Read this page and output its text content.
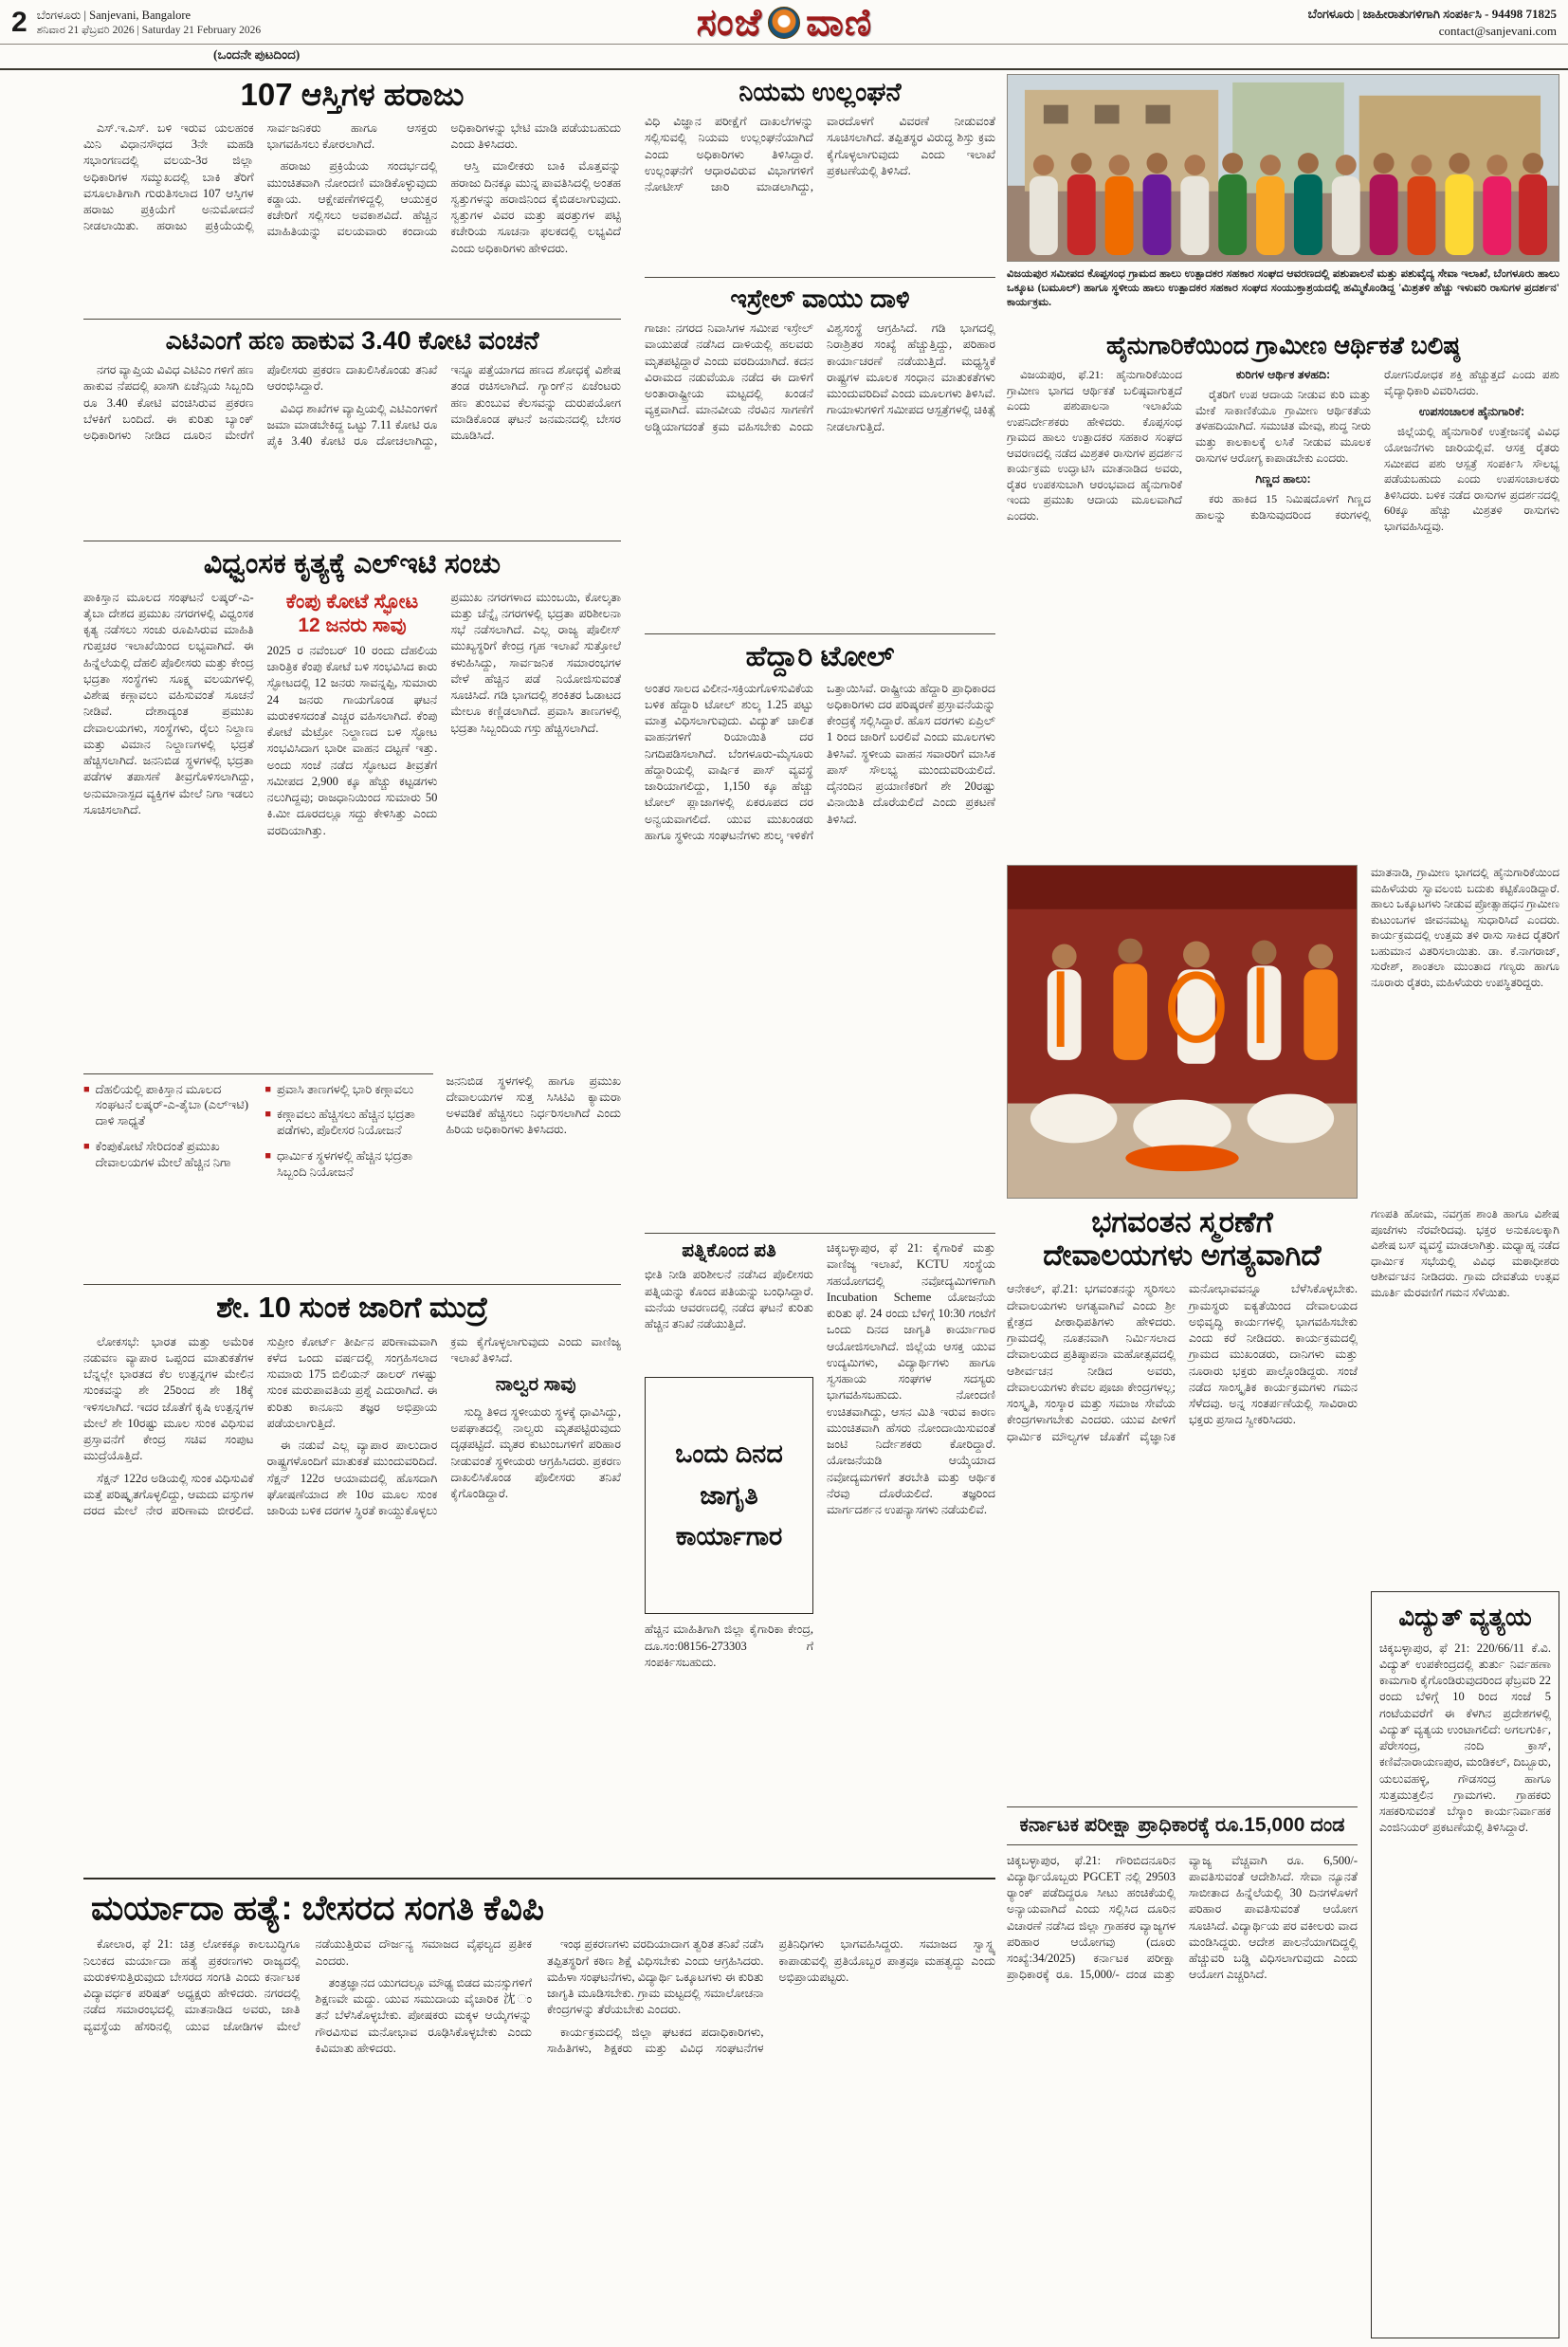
2 ಬೆಂಗಳೂರು | Sanjevani, Bangalore
ಶನಿವಾರ 21 ಫೆಬ್ರವರಿ 2026 | Saturday 21 February 2026	ಸಂಜೆ ವಾಣಿ	ಬೆಂಗಳೂರು | ಜಾಹೀರಾತುಗಳಿಗಾಗಿ ಸಂಪರ್ಕಿಸಿ - 94498 71825
contact@sanjevani.com
(ಒಂದನೇ ಪುಟದಿಂದ)
107 ಆಸ್ತಿಗಳ ಹರಾಜು

ಎಸ್.ಇ.ಎಸ್. ಬಳಿ ಇರುವ ಯಲಹಂಕ ಮಿನಿ ವಿಧಾನಸೌಧದ 3ನೇ ಮಹಡಿ ಸಭಾಂಗಣದಲ್ಲಿ ವಲಯ-3ರ ಜಿಲ್ಲಾ ಅಧಿಕಾರಿಗಳ ಸಮ್ಮುಖದಲ್ಲಿ ಬಾಕಿ ತೆರಿಗೆ ವಸೂಲಾತಿಗಾಗಿ ಗುರುತಿಸಲಾದ 107 ಆಸ್ತಿಗಳ ಹರಾಜು ಪ್ರಕ್ರಿಯೆಗೆ ಅನುಮೋದನೆ ನೀಡಲಾಯಿತು. ಹರಾಜು ಪ್ರಕ್ರಿಯೆಯಲ್ಲಿ ಸಾರ್ವಜನಿಕರು ಹಾಗೂ ಆಸಕ್ತರು ಭಾಗವಹಿಸಲು ಕೋರಲಾಗಿದೆ.

ಹರಾಜು ಪ್ರಕ್ರಿಯೆಯ ಸಂದರ್ಭದಲ್ಲಿ ಮುಂಚಿತವಾಗಿ ನೋಂದಣಿ ಮಾಡಿಕೊಳ್ಳುವುದು ಕಡ್ಡಾಯ. ಆಕ್ಷೇಪಣೆಗಳಿದ್ದಲ್ಲಿ ಆಯುಕ್ತರ ಕಚೇರಿಗೆ ಸಲ್ಲಿಸಲು ಅವಕಾಶವಿದೆ. ಹೆಚ್ಚಿನ ಮಾಹಿತಿಯನ್ನು ವಲಯವಾರು ಕಂದಾಯ ಅಧಿಕಾರಿಗಳನ್ನು ಭೇಟಿ ಮಾಡಿ ಪಡೆಯಬಹುದು ಎಂದು ತಿಳಿಸಿದರು.

ಆಸ್ತಿ ಮಾಲೀಕರು ಬಾಕಿ ಮೊತ್ತವನ್ನು ಹರಾಜು ದಿನಕ್ಕೂ ಮುನ್ನ ಪಾವತಿಸಿದಲ್ಲಿ ಅಂತಹ ಸ್ವತ್ತುಗಳನ್ನು ಹರಾಜಿನಿಂದ ಕೈಬಿಡಲಾಗುವುದು. ಸ್ವತ್ತುಗಳ ವಿವರ ಮತ್ತು ಷರತ್ತುಗಳ ಪಟ್ಟಿ ಕಚೇರಿಯ ಸೂಚನಾ ಫಲಕದಲ್ಲಿ ಲಭ್ಯವಿದೆ ಎಂದು ಅಧಿಕಾರಿಗಳು ಹೇಳಿದರು.

ಎಟಿಎಂಗೆ ಹಣ ಹಾಕುವ 3.40 ಕೋಟಿ ವಂಚನೆ

ನಗರ ವ್ಯಾಪ್ತಿಯ ವಿವಿಧ ಎಟಿಎಂ ಗಳಿಗೆ ಹಣ ಹಾಕುವ ನೆಪದಲ್ಲಿ ಖಾಸಗಿ ಏಜೆನ್ಸಿಯ ಸಿಬ್ಬಂದಿ ರೂ 3.40 ಕೋಟಿ ವಂಚಿಸಿರುವ ಪ್ರಕರಣ ಬೆಳಕಿಗೆ ಬಂದಿದೆ. ಈ ಕುರಿತು ಬ್ಯಾಂಕ್ ಅಧಿಕಾರಿಗಳು ನೀಡಿದ ದೂರಿನ ಮೇರೆಗೆ ಪೊಲೀಸರು ಪ್ರಕರಣ ದಾಖಲಿಸಿಕೊಂಡು ತನಿಖೆ ಆರಂಭಿಸಿದ್ದಾರೆ.

ವಿವಿಧ ಶಾಖೆಗಳ ವ್ಯಾಪ್ತಿಯಲ್ಲಿ ಎಟಿಎಂಗಳಿಗೆ ಜಮಾ ಮಾಡಬೇಕಿದ್ದ ಒಟ್ಟು 7.11 ಕೋಟಿ ರೂ ಪೈಕಿ 3.40 ಕೋಟಿ ರೂ ದೋಚಲಾಗಿದ್ದು, ಇನ್ನೂ ಪತ್ತೆಯಾಗದ ಹಣದ ಶೋಧಕ್ಕೆ ವಿಶೇಷ ತಂಡ ರಚಿಸಲಾಗಿದೆ. ಗ್ಯಾಂಗ್‌ನ ಏಜೆಂಟರು ಹಣ ತುಂಬುವ ಕೆಲಸವನ್ನು ದುರುಪಯೋಗ ಮಾಡಿಕೊಂಡ ಘಟನೆ ಜನಮನದಲ್ಲಿ ಬೇಸರ ಮೂಡಿಸಿದೆ.

ವಿಧ್ವಂಸಕ ಕೃತ್ಯಕ್ಕೆ ಎಲ್‌ಇಟಿ ಸಂಚು
ಪಾಕಿಸ್ತಾನ ಮೂಲದ ಸಂಘಟನೆ ಲಷ್ಕರ್-ಎ-ತೈಬಾ ದೇಶದ ಪ್ರಮುಖ ನಗರಗಳಲ್ಲಿ ವಿಧ್ವಂಸಕ ಕೃತ್ಯ ನಡೆಸಲು ಸಂಚು ರೂಪಿಸಿರುವ ಮಾಹಿತಿ ಗುಪ್ತಚರ ಇಲಾಖೆಯಿಂದ ಲಭ್ಯವಾಗಿದೆ. ಈ ಹಿನ್ನೆಲೆಯಲ್ಲಿ ದೆಹಲಿ ಪೊಲೀಸರು ಮತ್ತು ಕೇಂದ್ರ ಭದ್ರತಾ ಸಂಸ್ಥೆಗಳು ಸೂಕ್ಷ್ಮ ವಲಯಗಳಲ್ಲಿ ವಿಶೇಷ ಕಣ್ಗಾವಲು ವಹಿಸುವಂತೆ ಸೂಚನೆ ನೀಡಿವೆ. ದೇಶಾದ್ಯಂತ ಪ್ರಮುಖ ದೇವಾಲಯಗಳು, ಸಂಸ್ಥೆಗಳು, ರೈಲು ನಿಲ್ದಾಣ ಮತ್ತು ವಿಮಾನ ನಿಲ್ದಾಣಗಳಲ್ಲಿ ಭದ್ರತೆ ಹೆಚ್ಚಿಸಲಾಗಿದೆ. ಜನನಿಬಿಡ ಸ್ಥಳಗಳಲ್ಲಿ ಭದ್ರತಾ ಪಡೆಗಳ ತಪಾಸಣೆ ತೀವ್ರಗೊಳಿಸಲಾಗಿದ್ದು, ಅನುಮಾನಾಸ್ಪದ ವ್ಯಕ್ತಿಗಳ ಮೇಲೆ ನಿಗಾ ಇಡಲು ಸೂಚಿಸಲಾಗಿದೆ.
ಕೆಂಪು ಕೋಟೆ ಸ್ಫೋಟ
12 ಜನರು ಸಾವು
2025 ರ ನವೆಂಬರ್ 10 ರಂದು ದೆಹಲಿಯ ಚಾರಿತ್ರಿಕ ಕೆಂಪು ಕೋಟೆ ಬಳಿ ಸಂಭವಿಸಿದ ಕಾರು ಸ್ಫೋಟದಲ್ಲಿ 12 ಜನರು ಸಾವನ್ನಪ್ಪಿ, ಸುಮಾರು 24 ಜನರು ಗಾಯಗೊಂಡ ಘಟನೆ ಮರುಕಳಿಸದಂತೆ ಎಚ್ಚರ ವಹಿಸಲಾಗಿದೆ. ಕೆಂಪು ಕೋಟೆ ಮೆಟ್ರೋ ನಿಲ್ದಾಣದ ಬಳಿ ಸ್ಫೋಟ ಸಂಭವಿಸಿದಾಗ ಭಾರೀ ವಾಹನ ದಟ್ಟಣೆ ಇತ್ತು. ಅಂದು ಸಂಜೆ ನಡೆದ ಸ್ಫೋಟದ ತೀವ್ರತೆಗೆ ಸಮೀಪದ 2,900 ಕ್ಕೂ ಹೆಚ್ಚು ಕಟ್ಟಡಗಳು ನಲುಗಿದ್ದವು; ರಾಜಧಾನಿಯಿಂದ ಸುಮಾರು 50 ಕಿ.ಮೀ ದೂರದಲ್ಲೂ ಸದ್ದು ಕೇಳಿಸಿತ್ತು ಎಂದು ವರದಿಯಾಗಿತ್ತು.
ಪ್ರಮುಖ ನಗರಗಳಾದ ಮುಂಬಯಿ, ಕೋಲ್ಕತಾ ಮತ್ತು ಚೆನ್ನೈ ನಗರಗಳಲ್ಲಿ ಭದ್ರತಾ ಪರಿಶೀಲನಾ ಸಭೆ ನಡೆಸಲಾಗಿದೆ. ಎಲ್ಲ ರಾಜ್ಯ ಪೊಲೀಸ್ ಮುಖ್ಯಸ್ಥರಿಗೆ ಕೇಂದ್ರ ಗೃಹ ಇಲಾಖೆ ಸುತ್ತೋಲೆ ಕಳುಹಿಸಿದ್ದು, ಸಾರ್ವಜನಿಕ ಸಮಾರಂಭಗಳ ವೇಳೆ ಹೆಚ್ಚಿನ ಪಡೆ ನಿಯೋಜಿಸುವಂತೆ ಸೂಚಿಸಿದೆ. ಗಡಿ ಭಾಗದಲ್ಲಿ ಶಂಕಿತರ ಓಡಾಟದ ಮೇಲೂ ಕಣ್ಣಿಡಲಾಗಿದೆ. ಪ್ರವಾಸಿ ತಾಣಗಳಲ್ಲಿ ಭದ್ರತಾ ಸಿಬ್ಬಂದಿಯ ಗಸ್ತು ಹೆಚ್ಚಿಸಲಾಗಿದೆ.
■ ದೆಹಲಿಯಲ್ಲಿ ಪಾಕಿಸ್ತಾನ ಮೂಲದ ಸಂಘಟನೆ ಲಷ್ಕರ್-ಎ-ತೈಬಾ (ಎಲ್‌ಇಟಿ) ದಾಳಿ ಸಾಧ್ಯತೆ
■ ಕೆಂಪುಕೋಟೆ ಸೇರಿದಂತೆ ಪ್ರಮುಖ ದೇವಾಲಯಗಳ ಮೇಲೆ ಹೆಚ್ಚಿನ ನಿಗಾ
■ ಪ್ರವಾಸಿ ತಾಣಗಳಲ್ಲಿ ಭಾರಿ ಕಣ್ಗಾವಲು
■ ಕಣ್ಗಾವಲು ಹೆಚ್ಚಿಸಲು ಹೆಚ್ಚಿನ ಭದ್ರತಾ ಪಡೆಗಳು, ಪೊಲೀಸರ ನಿಯೋಜನೆ
■ ಧಾರ್ಮಿಕ ಸ್ಥಳಗಳಲ್ಲಿ ಹೆಚ್ಚಿನ ಭದ್ರತಾ ಸಿಬ್ಬಂದಿ ನಿಯೋಜನೆ
ಜನನಿಬಿಡ ಸ್ಥಳಗಳಲ್ಲಿ ಹಾಗೂ ಪ್ರಮುಖ ದೇವಾಲಯಗಳ ಸುತ್ತ ಸಿಸಿಟಿವಿ ಕ್ಯಾಮರಾ ಅಳವಡಿಕೆ ಹೆಚ್ಚಿಸಲು ನಿರ್ಧರಿಸಲಾಗಿದೆ ಎಂದು ಹಿರಿಯ ಅಧಿಕಾರಿಗಳು ತಿಳಿಸಿದರು.
ಶೇ. 10 ಸುಂಕ ಜಾರಿಗೆ ಮುದ್ರೆ

ಲೋಕಸಭೆ: ಭಾರತ ಮತ್ತು ಅಮೆರಿಕ ನಡುವಣ ವ್ಯಾಪಾರ ಒಪ್ಪಂದ ಮಾತುಕತೆಗಳ ಬೆನ್ನಲ್ಲೇ ಭಾರತದ ಕೆಲ ಉತ್ಪನ್ನಗಳ ಮೇಲಿನ ಸುಂಕವನ್ನು ಶೇ 25ರಿಂದ ಶೇ 18ಕ್ಕೆ ಇಳಿಸಲಾಗಿದೆ. ಇದರ ಜೊತೆಗೆ ಕೃಷಿ ಉತ್ಪನ್ನಗಳ ಮೇಲೆ ಶೇ 10ರಷ್ಟು ಮೂಲ ಸುಂಕ ವಿಧಿಸುವ ಪ್ರಸ್ತಾವನೆಗೆ ಕೇಂದ್ರ ಸಚಿವ ಸಂಪುಟ ಮುದ್ರೆಯೊತ್ತಿದೆ.

ಸೆಕ್ಷನ್ 122ರ ಅಡಿಯಲ್ಲಿ ಸುಂಕ ವಿಧಿಸುವಿಕೆ ಮತ್ತೆ ಪರಿಷ್ಕೃತಗೊಳ್ಳಲಿದ್ದು, ಆಮದು ವಸ್ತುಗಳ ದರದ ಮೇಲೆ ನೇರ ಪರಿಣಾಮ ಬೀರಲಿದೆ. ಸುಪ್ರೀಂ ಕೋರ್ಟ್ ತೀರ್ಪಿನ ಪರಿಣಾಮವಾಗಿ ಕಳೆದ ಒಂದು ವರ್ಷದಲ್ಲಿ ಸಂಗ್ರಹಿಸಲಾದ ಸುಮಾರು 175 ಬಿಲಿಯನ್ ಡಾಲರ್ ಗಳಷ್ಟು ಸುಂಕ ಮರುಪಾವತಿಯ ಪ್ರಶ್ನೆ ಎದುರಾಗಿದೆ. ಈ ಕುರಿತು ಕಾನೂನು ತಜ್ಞರ ಅಭಿಪ್ರಾಯ ಪಡೆಯಲಾಗುತ್ತಿದೆ.

ಈ ನಡುವೆ ಎಲ್ಲ ವ್ಯಾಪಾರ ಪಾಲುದಾರ ರಾಷ್ಟ್ರಗಳೊಂದಿಗೆ ಮಾತುಕತೆ ಮುಂದುವರಿದಿದೆ. ಸೆಕ್ಷನ್ 122ರ ಆಯಾಮದಲ್ಲಿ ಹೊಸದಾಗಿ ಘೋಷಣೆಯಾದ ಶೇ 10ರ ಮೂಲ ಸುಂಕ ಜಾರಿಯ ಬಳಿಕ ದರಗಳ ಸ್ಥಿರತೆ ಕಾಯ್ದುಕೊಳ್ಳಲು ಕ್ರಮ ಕೈಗೊಳ್ಳಲಾಗುವುದು ಎಂದು ವಾಣಿಜ್ಯ ಇಲಾಖೆ ತಿಳಿಸಿದೆ.

ನಾಲ್ವರ ಸಾವು

ಸುದ್ದಿ ತಿಳಿದ ಸ್ಥಳೀಯರು ಸ್ಥಳಕ್ಕೆ ಧಾವಿಸಿದ್ದು, ಅಪಘಾತದಲ್ಲಿ ನಾಲ್ವರು ಮೃತಪಟ್ಟಿರುವುದು ದೃಢಪಟ್ಟಿದೆ. ಮೃತರ ಕುಟುಂಬಗಳಿಗೆ ಪರಿಹಾರ ನೀಡುವಂತೆ ಸ್ಥಳೀಯರು ಆಗ್ರಹಿಸಿದರು. ಪ್ರಕರಣ ದಾಖಲಿಸಿಕೊಂಡ ಪೊಲೀಸರು ತನಿಖೆ ಕೈಗೊಂಡಿದ್ದಾರೆ.

ಮರ್ಯಾದಾ ಹತ್ಯೆ: ಬೇಸರದ ಸಂಗತಿ ಕೆವಿಪಿ

ಕೋಲಾರ, ಫೆ 21: ಚಿತ್ರ ಲೋಕಕ್ಕೂ ಕಾಲಬುದ್ಧಿಗೂ ನಿಲುಕದ ಮರ್ಯಾದಾ ಹತ್ಯೆ ಪ್ರಕರಣಗಳು ರಾಜ್ಯದಲ್ಲಿ ಮರುಕಳಿಸುತ್ತಿರುವುದು ಬೇಸರದ ಸಂಗತಿ ಎಂದು ಕರ್ನಾಟಕ ವಿದ್ಯಾವರ್ಧಕ ಪರಿಷತ್ ಅಧ್ಯಕ್ಷರು ಹೇಳಿದರು. ನಗರದಲ್ಲಿ ನಡೆದ ಸಮಾರಂಭದಲ್ಲಿ ಮಾತನಾಡಿದ ಅವರು, ಜಾತಿ ವ್ಯವಸ್ಥೆಯ ಹೆಸರಿನಲ್ಲಿ ಯುವ ಜೋಡಿಗಳ ಮೇಲೆ ನಡೆಯುತ್ತಿರುವ ದೌರ್ಜನ್ಯ ಸಮಾಜದ ವೈಫಲ್ಯದ ಪ್ರತೀಕ ಎಂದರು.

ತಂತ್ರಜ್ಞಾನದ ಯುಗದಲ್ಲೂ ಮೌಢ್ಯ ಬಿಡದ ಮನಸ್ಸುಗಳಿಗೆ ಶಿಕ್ಷಣವೇ ಮದ್ದು. ಯುವ ಸಮುದಾಯ ವೈಚಾರಿಕ 沈ಂತನೆ ಬೆಳೆಸಿಕೊಳ್ಳಬೇಕು. ಪೋಷಕರು ಮಕ್ಕಳ ಆಯ್ಕೆಗಳನ್ನು ಗೌರವಿಸುವ ಮನೋಭಾವ ರೂಢಿಸಿಕೊಳ್ಳಬೇಕು ಎಂದು ಕಿವಿಮಾತು ಹೇಳಿದರು.

ಇಂಥ ಪ್ರಕರಣಗಳು ವರದಿಯಾದಾಗ ತ್ವರಿತ ತನಿಖೆ ನಡೆಸಿ ತಪ್ಪಿತಸ್ಥರಿಗೆ ಕಠಿಣ ಶಿಕ್ಷೆ ವಿಧಿಸಬೇಕು ಎಂದು ಆಗ್ರಹಿಸಿದರು. ಮಹಿಳಾ ಸಂಘಟನೆಗಳು, ವಿದ್ಯಾರ್ಥಿ ಒಕ್ಕೂಟಗಳು ಈ ಕುರಿತು ಜಾಗೃತಿ ಮೂಡಿಸಬೇಕು. ಗ್ರಾಮ ಮಟ್ಟದಲ್ಲಿ ಸಮಾಲೋಚನಾ ಕೇಂದ್ರಗಳನ್ನು ತೆರೆಯಬೇಕು ಎಂದರು.

ಕಾರ್ಯಕ್ರಮದಲ್ಲಿ ಜಿಲ್ಲಾ ಘಟಕದ ಪದಾಧಿಕಾರಿಗಳು, ಸಾಹಿತಿಗಳು, ಶಿಕ್ಷಕರು ಮತ್ತು ವಿವಿಧ ಸಂಘಟನೆಗಳ ಪ್ರತಿನಿಧಿಗಳು ಭಾಗವಹಿಸಿದ್ದರು. ಸಮಾಜದ ಸ್ವಾಸ್ಥ್ಯ ಕಾಪಾಡುವಲ್ಲಿ ಪ್ರತಿಯೊಬ್ಬರ ಪಾತ್ರವೂ ಮಹತ್ವದ್ದು ಎಂದು ಅಭಿಪ್ರಾಯಪಟ್ಟರು.

ನಿಯಮ ಉಲ್ಲಂಘನೆ
ವಿಧಿ ವಿಜ್ಞಾನ ಪರೀಕ್ಷೆಗೆ ದಾಖಲೆಗಳನ್ನು ಸಲ್ಲಿಸುವಲ್ಲಿ ನಿಯಮ ಉಲ್ಲಂಘನೆಯಾಗಿದೆ ಎಂದು ಅಧಿಕಾರಿಗಳು ತಿಳಿಸಿದ್ದಾರೆ. ಉಲ್ಲಂಘನೆಗೆ ಆಧಾರವಿರುವ ವಿಭಾಗಗಳಿಗೆ ನೋಟೀಸ್ ಜಾರಿ ಮಾಡಲಾಗಿದ್ದು, ವಾರದೊಳಗೆ ವಿವರಣೆ ನೀಡುವಂತೆ ಸೂಚಿಸಲಾಗಿದೆ. ತಪ್ಪಿತಸ್ಥರ ವಿರುದ್ಧ ಶಿಸ್ತು ಕ್ರಮ ಕೈಗೊಳ್ಳಲಾಗುವುದು ಎಂದು ಇಲಾಖೆ ಪ್ರಕಟಣೆಯಲ್ಲಿ ತಿಳಿಸಿದೆ.
ಇಸ್ರೇಲ್ ವಾಯು ದಾಳಿ
ಗಾಜಾ: ನಗರದ ನಿವಾಸಿಗಳ ಸಮೀಪ ಇಸ್ರೇಲ್ ವಾಯುಪಡೆ ನಡೆಸಿದ ದಾಳಿಯಲ್ಲಿ ಹಲವರು ಮೃತಪಟ್ಟಿದ್ದಾರೆ ಎಂದು ವರದಿಯಾಗಿದೆ. ಕದನ ವಿರಾಮದ ನಡುವೆಯೂ ನಡೆದ ಈ ದಾಳಿಗೆ ಅಂತಾರಾಷ್ಟ್ರೀಯ ಮಟ್ಟದಲ್ಲಿ ಖಂಡನೆ ವ್ಯಕ್ತವಾಗಿದೆ. ಮಾನವೀಯ ನೆರವಿನ ಸಾಗಣೆಗೆ ಅಡ್ಡಿಯಾಗದಂತೆ ಕ್ರಮ ವಹಿಸಬೇಕು ಎಂದು ವಿಶ್ವಸಂಸ್ಥೆ ಆಗ್ರಹಿಸಿದೆ. ಗಡಿ ಭಾಗದಲ್ಲಿ ನಿರಾಶ್ರಿತರ ಸಂಖ್ಯೆ ಹೆಚ್ಚುತ್ತಿದ್ದು, ಪರಿಹಾರ ಕಾರ್ಯಾಚರಣೆ ನಡೆಯುತ್ತಿದೆ. ಮಧ್ಯಸ್ಥಿಕೆ ರಾಷ್ಟ್ರಗಳ ಮೂಲಕ ಸಂಧಾನ ಮಾತುಕತೆಗಳು ಮುಂದುವರಿದಿವೆ ಎಂದು ಮೂಲಗಳು ತಿಳಿಸಿವೆ. ಗಾಯಾಳುಗಳಿಗೆ ಸಮೀಪದ ಆಸ್ಪತ್ರೆಗಳಲ್ಲಿ ಚಿಕಿತ್ಸೆ ನೀಡಲಾಗುತ್ತಿದೆ.
ಹೆದ್ದಾರಿ ಟೋಲ್
ಅಂತರ ಸಾಲದ ವಿಲೀನ-ಸಕ್ರಿಯಗೊಳಿಸುವಿಕೆಯ ಬಳಿಕ ಹೆದ್ದಾರಿ ಟೋಲ್ ಶುಲ್ಕ 1.25 ಪಟ್ಟು ಮಾತ್ರ ವಿಧಿಸಲಾಗುವುದು. ವಿದ್ಯುತ್ ಚಾಲಿತ ವಾಹನಗಳಿಗೆ ರಿಯಾಯಿತಿ ದರ ನಿಗದಿಪಡಿಸಲಾಗಿದೆ. ಬೆಂಗಳೂರು-ಮೈಸೂರು ಹೆದ್ದಾರಿಯಲ್ಲಿ ವಾರ್ಷಿಕ ಪಾಸ್ ವ್ಯವಸ್ಥೆ ಜಾರಿಯಾಗಲಿದ್ದು, 1,150 ಕ್ಕೂ ಹೆಚ್ಚು ಟೋಲ್ ಪ್ಲಾಜಾಗಳಲ್ಲಿ ಏಕರೂಪದ ದರ ಅನ್ವಯವಾಗಲಿದೆ. ಯುವ ಮುಖಂಡರು ಹಾಗೂ ಸ್ಥಳೀಯ ಸಂಘಟನೆಗಳು ಶುಲ್ಕ ಇಳಿಕೆಗೆ ಒತ್ತಾಯಿಸಿವೆ. ರಾಷ್ಟ್ರೀಯ ಹೆದ್ದಾರಿ ಪ್ರಾಧಿಕಾರದ ಅಧಿಕಾರಿಗಳು ದರ ಪರಿಷ್ಕರಣೆ ಪ್ರಸ್ತಾವನೆಯನ್ನು ಕೇಂದ್ರಕ್ಕೆ ಸಲ್ಲಿಸಿದ್ದಾರೆ. ಹೊಸ ದರಗಳು ಏಪ್ರಿಲ್ 1 ರಿಂದ ಜಾರಿಗೆ ಬರಲಿವೆ ಎಂದು ಮೂಲಗಳು ತಿಳಿಸಿವೆ. ಸ್ಥಳೀಯ ವಾಹನ ಸವಾರರಿಗೆ ಮಾಸಿಕ ಪಾಸ್ ಸೌಲಭ್ಯ ಮುಂದುವರಿಯಲಿದೆ. ದೈನಂದಿನ ಪ್ರಯಾಣಿಕರಿಗೆ ಶೇ 20ರಷ್ಟು ವಿನಾಯಿತಿ ದೊರೆಯಲಿದೆ ಎಂದು ಪ್ರಕಟಣೆ ತಿಳಿಸಿದೆ.
ಪತ್ನಿಕೊಂದ ಪತಿ
ಭೀತಿ ನೀಡಿ ಪರಿಶೀಲನೆ ನಡೆಸಿದ ಪೊಲೀಸರು ಪತ್ನಿಯನ್ನು ಕೊಂದ ಪತಿಯನ್ನು ಬಂಧಿಸಿದ್ದಾರೆ. ಮನೆಯ ಆವರಣದಲ್ಲಿ ನಡೆದ ಘಟನೆ ಕುರಿತು ಹೆಚ್ಚಿನ ತನಿಖೆ ನಡೆಯುತ್ತಿದೆ.
ಒಂದು ದಿನದ
ಜಾಗೃತಿ
ಕಾರ್ಯಾಗಾರ
ಹೆಚ್ಚಿನ ಮಾಹಿತಿಗಾಗಿ ಜಿಲ್ಲಾ ಕೈಗಾರಿಕಾ ಕೇಂದ್ರ, ದೂ.ಸಂ:08156-273303 ಗೆ ಸಂಪರ್ಕಿಸಬಹುದು.
ಚಿಕ್ಕಬಳ್ಳಾಪುರ, ಫೆ 21: ಕೈಗಾರಿಕೆ ಮತ್ತು ವಾಣಿಜ್ಯ ಇಲಾಖೆ, KCTU ಸಂಸ್ಥೆಯ ಸಹಯೋಗದಲ್ಲಿ ನವೋದ್ಯಮಿಗಳಿಗಾಗಿ Incubation Scheme ಯೋಜನೆಯ ಕುರಿತು ಫೆ. 24 ರಂದು ಬೆಳಿಗ್ಗೆ 10:30 ಗಂಟೆಗೆ ಒಂದು ದಿನದ ಜಾಗೃತಿ ಕಾರ್ಯಾಗಾರ ಆಯೋಜಿಸಲಾಗಿದೆ. ಜಿಲ್ಲೆಯ ಆಸಕ್ತ ಯುವ ಉದ್ಯಮಿಗಳು, ವಿದ್ಯಾರ್ಥಿಗಳು ಹಾಗೂ ಸ್ವಸಹಾಯ ಸಂಘಗಳ ಸದಸ್ಯರು ಭಾಗವಹಿಸಬಹುದು. ನೋಂದಣಿ ಉಚಿತವಾಗಿದ್ದು, ಆಸನ ಮಿತಿ ಇರುವ ಕಾರಣ ಮುಂಚಿತವಾಗಿ ಹೆಸರು ನೋಂದಾಯಿಸುವಂತೆ ಜಂಟಿ ನಿರ್ದೇಶಕರು ಕೋರಿದ್ದಾರೆ. ಯೋಜನೆಯಡಿ ಆಯ್ಕೆಯಾದ ನವೋದ್ಯಮಗಳಿಗೆ ತರಬೇತಿ ಮತ್ತು ಆರ್ಥಿಕ ನೆರವು ದೊರೆಯಲಿದೆ. ತಜ್ಞರಿಂದ ಮಾರ್ಗದರ್ಶನ ಉಪನ್ಯಾಸಗಳು ನಡೆಯಲಿವೆ.
ವಿಜಯಪುರ ಸಮೀಪದ ಕೊಪ್ಪಸಂಧ ಗ್ರಾಮದ ಹಾಲು ಉತ್ಪಾದಕರ ಸಹಕಾರ ಸಂಘದ ಆವರಣದಲ್ಲಿ ಪಶುಪಾಲನೆ ಮತ್ತು ಪಶುವೈದ್ಯ ಸೇವಾ ಇಲಾಖೆ, ಬೆಂಗಳೂರು ಹಾಲು ಒಕ್ಕೂಟ (ಬಮೂಲ್) ಹಾಗೂ ಸ್ಥಳೀಯ ಹಾಲು ಉತ್ಪಾದಕರ ಸಹಕಾರ ಸಂಘದ ಸಂಯುಕ್ತಾಶ್ರಯದಲ್ಲಿ ಹಮ್ಮಿಕೊಂಡಿದ್ದ 'ಮಿಶ್ರತಳಿ ಹೆಚ್ಚು ಇಳುವರಿ ರಾಸುಗಳ ಪ್ರದರ್ಶನ' ಕಾರ್ಯಕ್ರಮ.
ಹೈನುಗಾರಿಕೆಯಿಂದ ಗ್ರಾಮೀಣ ಆರ್ಥಿಕತೆ ಬಲಿಷ್ಠ

ವಿಜಯಪುರ, ಫೆ.21: ಹೈನುಗಾರಿಕೆಯಿಂದ ಗ್ರಾಮೀಣ ಭಾಗದ ಆರ್ಥಿಕತೆ ಬಲಿಷ್ಠವಾಗುತ್ತದೆ ಎಂದು ಪಶುಪಾಲನಾ ಇಲಾಖೆಯ ಉಪನಿರ್ದೇಶಕರು ಹೇಳಿದರು. ಕೊಪ್ಪಸಂಧ ಗ್ರಾಮದ ಹಾಲು ಉತ್ಪಾದಕರ ಸಹಕಾರ ಸಂಘದ ಆವರಣದಲ್ಲಿ ನಡೆದ ಮಿಶ್ರತಳಿ ರಾಸುಗಳ ಪ್ರದರ್ಶನ ಕಾರ್ಯಕ್ರಮ ಉದ್ಘಾಟಿಸಿ ಮಾತನಾಡಿದ ಅವರು, ರೈತರ ಉಪಕಸುಬಾಗಿ ಆರಂಭವಾದ ಹೈನುಗಾರಿಕೆ ಇಂದು ಪ್ರಮುಖ ಆದಾಯ ಮೂಲವಾಗಿದೆ ಎಂದರು.

ಕುರಿಗಳ ಆರ್ಥಿಕ ತಳಹದಿ:

ರೈತರಿಗೆ ಉಪ ಆದಾಯ ನೀಡುವ ಕುರಿ ಮತ್ತು ಮೇಕೆ ಸಾಕಾಣಿಕೆಯೂ ಗ್ರಾಮೀಣ ಆರ್ಥಿಕತೆಯ ತಳಹದಿಯಾಗಿದೆ. ಸಮುಚಿತ ಮೇವು, ಶುದ್ಧ ನೀರು ಮತ್ತು ಕಾಲಕಾಲಕ್ಕೆ ಲಸಿಕೆ ನೀಡುವ ಮೂಲಕ ರಾಸುಗಳ ಆರೋಗ್ಯ ಕಾಪಾಡಬೇಕು ಎಂದರು.

ಗಿಣ್ಣದ ಹಾಲು:

ಕರು ಹಾಕಿದ 15 ನಿಮಿಷದೊಳಗೆ ಗಿಣ್ಣದ ಹಾಲನ್ನು ಕುಡಿಸುವುದರಿಂದ ಕರುಗಳಲ್ಲಿ ರೋಗನಿರೋಧಕ ಶಕ್ತಿ ಹೆಚ್ಚುತ್ತದೆ ಎಂದು ಪಶು ವೈದ್ಯಾಧಿಕಾರಿ ವಿವರಿಸಿದರು.

ಉಪಸಂಚಾಲಕ ಹೈನುಗಾರಿಕೆ:

ಜಿಲ್ಲೆಯಲ್ಲಿ ಹೈನುಗಾರಿಕೆ ಉತ್ತೇಜನಕ್ಕೆ ವಿವಿಧ ಯೋಜನೆಗಳು ಜಾರಿಯಲ್ಲಿವೆ. ಆಸಕ್ತ ರೈತರು ಸಮೀಪದ ಪಶು ಆಸ್ಪತ್ರೆ ಸಂಪರ್ಕಿಸಿ ಸೌಲಭ್ಯ ಪಡೆಯಬಹುದು ಎಂದು ಉಪಸಂಚಾಲಕರು ತಿಳಿಸಿದರು. ಬಳಿಕ ನಡೆದ ರಾಸುಗಳ ಪ್ರದರ್ಶನದಲ್ಲಿ 60ಕ್ಕೂ ಹೆಚ್ಚು ಮಿಶ್ರತಳಿ ರಾಸುಗಳು ಭಾಗವಹಿಸಿದ್ದವು.

ಮಾತನಾಡಿ, ಗ್ರಾಮೀಣ ಭಾಗದಲ್ಲಿ ಹೈನುಗಾರಿಕೆಯಿಂದ ಮಹಿಳೆಯರು ಸ್ವಾವಲಂಬಿ ಬದುಕು ಕಟ್ಟಿಕೊಂಡಿದ್ದಾರೆ. ಹಾಲು ಒಕ್ಕೂಟಗಳು ನೀಡುವ ಪ್ರೋತ್ಸಾಹಧನ ಗ್ರಾಮೀಣ ಕುಟುಂಬಗಳ ಜೀವನಮಟ್ಟ ಸುಧಾರಿಸಿದೆ ಎಂದರು. ಕಾರ್ಯಕ್ರಮದಲ್ಲಿ ಉತ್ತಮ ತಳಿ ರಾಸು ಸಾಕಿದ ರೈತರಿಗೆ ಬಹುಮಾನ ವಿತರಿಸಲಾಯಿತು. ಡಾ. ಕೆ.ನಾಗರಾಜ್, ಸುರೇಶ್, ಶಾಂತಲಾ ಮುಂತಾದ ಗಣ್ಯರು ಹಾಗೂ ನೂರಾರು ರೈತರು, ಮಹಿಳೆಯರು ಉಪಸ್ಥಿತರಿದ್ದರು.
ಭಗವಂತನ ಸ್ಮರಣೆಗೆ
ದೇವಾಲಯಗಳು ಅಗತ್ಯವಾಗಿದೆ
ಆನೇಕಲ್, ಫೆ.21: ಭಗವಂತನನ್ನು ಸ್ಮರಿಸಲು ದೇವಾಲಯಗಳು ಅಗತ್ಯವಾಗಿವೆ ಎಂದು ಶ್ರೀ ಕ್ಷೇತ್ರದ ಪೀಠಾಧಿಪತಿಗಳು ಹೇಳಿದರು. ಗ್ರಾಮದಲ್ಲಿ ನೂತನವಾಗಿ ನಿರ್ಮಿಸಲಾದ ದೇವಾಲಯದ ಪ್ರತಿಷ್ಠಾಪನಾ ಮಹೋತ್ಸವದಲ್ಲಿ ಆಶೀರ್ವಚನ ನೀಡಿದ ಅವರು, ದೇವಾಲಯಗಳು ಕೇವಲ ಪೂಜಾ ಕೇಂದ್ರಗಳಲ್ಲ; ಸಂಸ್ಕೃತಿ, ಸಂಸ್ಕಾರ ಮತ್ತು ಸಮಾಜ ಸೇವೆಯ ಕೇಂದ್ರಗಳಾಗಬೇಕು ಎಂದರು. ಯುವ ಪೀಳಿಗೆ ಧಾರ್ಮಿಕ ಮೌಲ್ಯಗಳ ಜೊತೆಗೆ ವೈಜ್ಞಾನಿಕ ಮನೋಭಾವವನ್ನೂ ಬೆಳೆಸಿಕೊಳ್ಳಬೇಕು. ಗ್ರಾಮಸ್ಥರು ಐಕ್ಯತೆಯಿಂದ ದೇವಾಲಯದ ಅಭಿವೃದ್ಧಿ ಕಾರ್ಯಗಳಲ್ಲಿ ಭಾಗವಹಿಸಬೇಕು ಎಂದು ಕರೆ ನೀಡಿದರು. ಕಾರ್ಯಕ್ರಮದಲ್ಲಿ ಗ್ರಾಮದ ಮುಖಂಡರು, ದಾನಿಗಳು ಮತ್ತು ನೂರಾರು ಭಕ್ತರು ಪಾಲ್ಗೊಂಡಿದ್ದರು. ಸಂಜೆ ನಡೆದ ಸಾಂಸ್ಕೃತಿಕ ಕಾರ್ಯಕ್ರಮಗಳು ಗಮನ ಸೆಳೆದವು. ಅನ್ನ ಸಂತರ್ಪಣೆಯಲ್ಲಿ ಸಾವಿರಾರು ಭಕ್ತರು ಪ್ರಸಾದ ಸ್ವೀಕರಿಸಿದರು.
ಕರ್ನಾಟಕ ಪರೀಕ್ಷಾ ಪ್ರಾಧಿಕಾರಕ್ಕೆ ರೂ.15,000 ದಂಡ
ಚಿಕ್ಕಬಳ್ಳಾಪುರ, ಫೆ.21: ಗೌರಿಬಿದನೂರಿನ ವಿದ್ಯಾರ್ಥಿಯೊಬ್ಬರು PGCET ನಲ್ಲಿ 29503 ರ‍್ಯಾಂಕ್ ಪಡೆದಿದ್ದರೂ ಸೀಟು ಹಂಚಿಕೆಯಲ್ಲಿ ಅನ್ಯಾಯವಾಗಿದೆ ಎಂದು ಸಲ್ಲಿಸಿದ ದೂರಿನ ವಿಚಾರಣೆ ನಡೆಸಿದ ಜಿಲ್ಲಾ ಗ್ರಾಹಕರ ವ್ಯಾಜ್ಯಗಳ ಪರಿಹಾರ ಆಯೋಗವು (ದೂರು ಸಂಖ್ಯೆ:34/2025) ಕರ್ನಾಟಕ ಪರೀಕ್ಷಾ ಪ್ರಾಧಿಕಾರಕ್ಕೆ ರೂ. 15,000/- ದಂಡ ಮತ್ತು ವ್ಯಾಜ್ಯ ವೆಚ್ಚವಾಗಿ ರೂ. 6,500/- ಪಾವತಿಸುವಂತೆ ಆದೇಶಿಸಿದೆ. ಸೇವಾ ನ್ಯೂನತೆ ಸಾಬೀತಾದ ಹಿನ್ನೆಲೆಯಲ್ಲಿ 30 ದಿನಗಳೊಳಗೆ ಪರಿಹಾರ ಪಾವತಿಸುವಂತೆ ಆಯೋಗ ಸೂಚಿಸಿದೆ. ವಿದ್ಯಾರ್ಥಿಯ ಪರ ವಕೀಲರು ವಾದ ಮಂಡಿಸಿದ್ದರು. ಆದೇಶ ಪಾಲನೆಯಾಗದಿದ್ದಲ್ಲಿ ಹೆಚ್ಚುವರಿ ಬಡ್ಡಿ ವಿಧಿಸಲಾಗುವುದು ಎಂದು ಆಯೋಗ ಎಚ್ಚರಿಸಿದೆ.
ಗಣಪತಿ ಹೋಮ, ನವಗ್ರಹ ಶಾಂತಿ ಹಾಗೂ ವಿಶೇಷ ಪೂಜೆಗಳು ನೆರವೇರಿದವು. ಭಕ್ತರ ಅನುಕೂಲಕ್ಕಾಗಿ ವಿಶೇಷ ಬಸ್ ವ್ಯವಸ್ಥೆ ಮಾಡಲಾಗಿತ್ತು. ಮಧ್ಯಾಹ್ನ ನಡೆದ ಧಾರ್ಮಿಕ ಸಭೆಯಲ್ಲಿ ವಿವಿಧ ಮಠಾಧೀಶರು ಆಶೀರ್ವಚನ ನೀಡಿದರು. ಗ್ರಾಮ ದೇವತೆಯ ಉತ್ಸವ ಮೂರ್ತಿ ಮೆರವಣಿಗೆ ಗಮನ ಸೆಳೆಯಿತು.
ವಿದ್ಯುತ್ ವ್ಯತ್ಯಯ
ಚಿಕ್ಕಬಳ್ಳಾಪುರ, ಫೆ 21: 220/66/11 ಕೆ.ವಿ. ವಿದ್ಯುತ್ ಉಪಕೇಂದ್ರದಲ್ಲಿ ತುರ್ತು ನಿರ್ವಹಣಾ ಕಾಮಗಾರಿ ಕೈಗೊಂಡಿರುವುದರಿಂದ ಫೆಬ್ರವರಿ 22 ರಂದು ಬೆಳಿಗ್ಗೆ 10 ರಿಂದ ಸಂಜೆ 5 ಗಂಟೆಯವರೆಗೆ ಈ ಕೆಳಗಿನ ಪ್ರದೇಶಗಳಲ್ಲಿ ವಿದ್ಯುತ್ ವ್ಯತ್ಯಯ ಉಂಟಾಗಲಿದೆ: ಅಗಲಗುರ್ಕಿ, ಪೆರೇಸಂದ್ರ, ನಂದಿ ಕ್ರಾಸ್, ಕಣಿವೆನಾರಾಯಣಪುರ, ಮಂಡಿಕಲ್, ದಿಬ್ಬೂರು, ಯಲುವಹಳ್ಳಿ, ಗೌಡಸಂದ್ರ ಹಾಗೂ ಸುತ್ತಮುತ್ತಲಿನ ಗ್ರಾಮಗಳು. ಗ್ರಾಹಕರು ಸಹಕರಿಸುವಂತೆ ಬೆಸ್ಕಾಂ ಕಾರ್ಯನಿರ್ವಾಹಕ ಎಂಜಿನಿಯರ್ ಪ್ರಕಟಣೆಯಲ್ಲಿ ತಿಳಿಸಿದ್ದಾರೆ.
